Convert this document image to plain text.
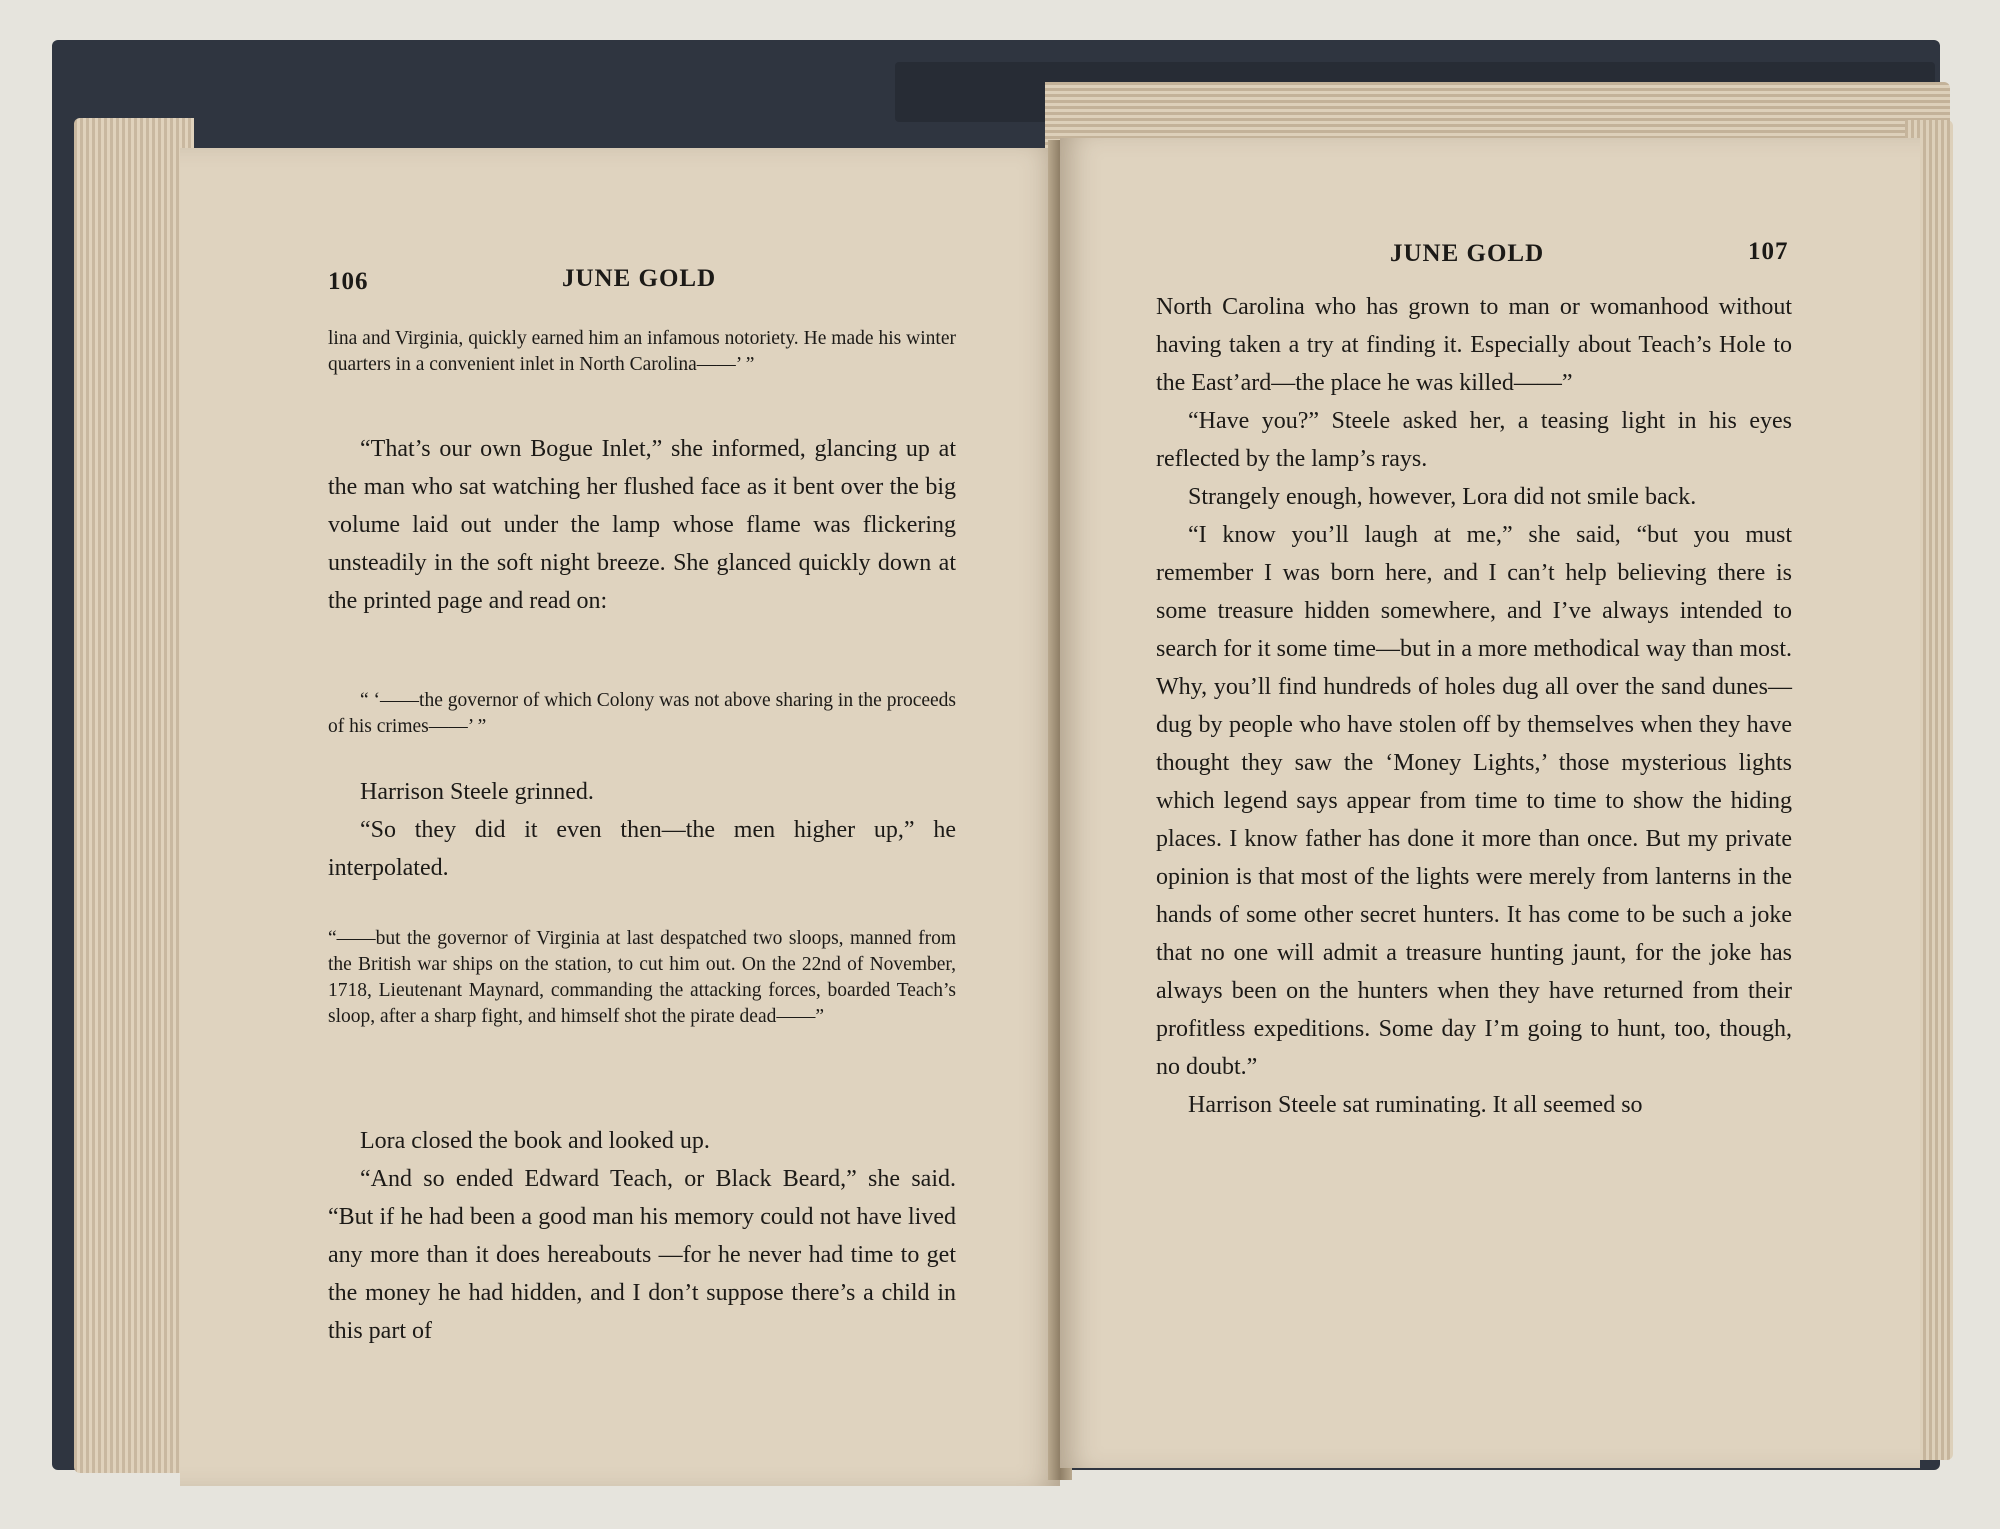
106	JUNE GOLD

lina and Virginia, quickly earned him an infamous notoriety. He made his winter quarters in a convenient inlet in North Carolina——’ ”

“That’s our own Bogue Inlet,” she informed, glancing up at the man who sat watching her flushed face as it bent over the big volume laid out under the lamp whose flame was flickering unsteadily in the soft night breeze. She glanced quickly down at the printed page and read on:

“ ‘——the governor of which Colony was not above sharing in the proceeds of his crimes——’ ”

Harrison Steele grinned.

“So they did it even then—the men higher up,” he interpolated.

“——but the governor of Virginia at last despatched two sloops, manned from the British war ships on the station, to cut him out. On the 22nd of November, 1718, Lieutenant Maynard, commanding the attacking forces, boarded Teach’s sloop, after a sharp fight, and himself shot the pirate dead——”

Lora closed the book and looked up.

“And so ended Edward Teach, or Black Beard,” she said. “But if he had been a good man his memory could not have lived any more than it does hereabouts —for he never had time to get the money he had hidden, and I don’t suppose there’s a child in this part of

JUNE GOLD	107

North Carolina who has grown to man or womanhood without having taken a try at finding it. Especially about Teach’s Hole to the East’ard—the place he was killed——”

“Have you?” Steele asked her, a teasing light in his eyes reflected by the lamp’s rays.

Strangely enough, however, Lora did not smile back.

“I know you’ll laugh at me,” she said, “but you must remember I was born here, and I can’t help believing there is some treasure hidden somewhere, and I’ve always intended to search for it some time—but in a more methodical way than most. Why, you’ll find hundreds of holes dug all over the sand dunes—dug by people who have stolen off by themselves when they have thought they saw the ‘Money Lights,’ those mysterious lights which legend says appear from time to time to show the hiding places. I know father has done it more than once. But my private opinion is that most of the lights were merely from lanterns in the hands of some other secret hunters. It has come to be such a joke that no one will admit a treasure hunting jaunt, for the joke has always been on the hunters when they have returned from their profitless expeditions. Some day I’m going to hunt, too, though, no doubt.”

Harrison Steele sat ruminating. It all seemed so
